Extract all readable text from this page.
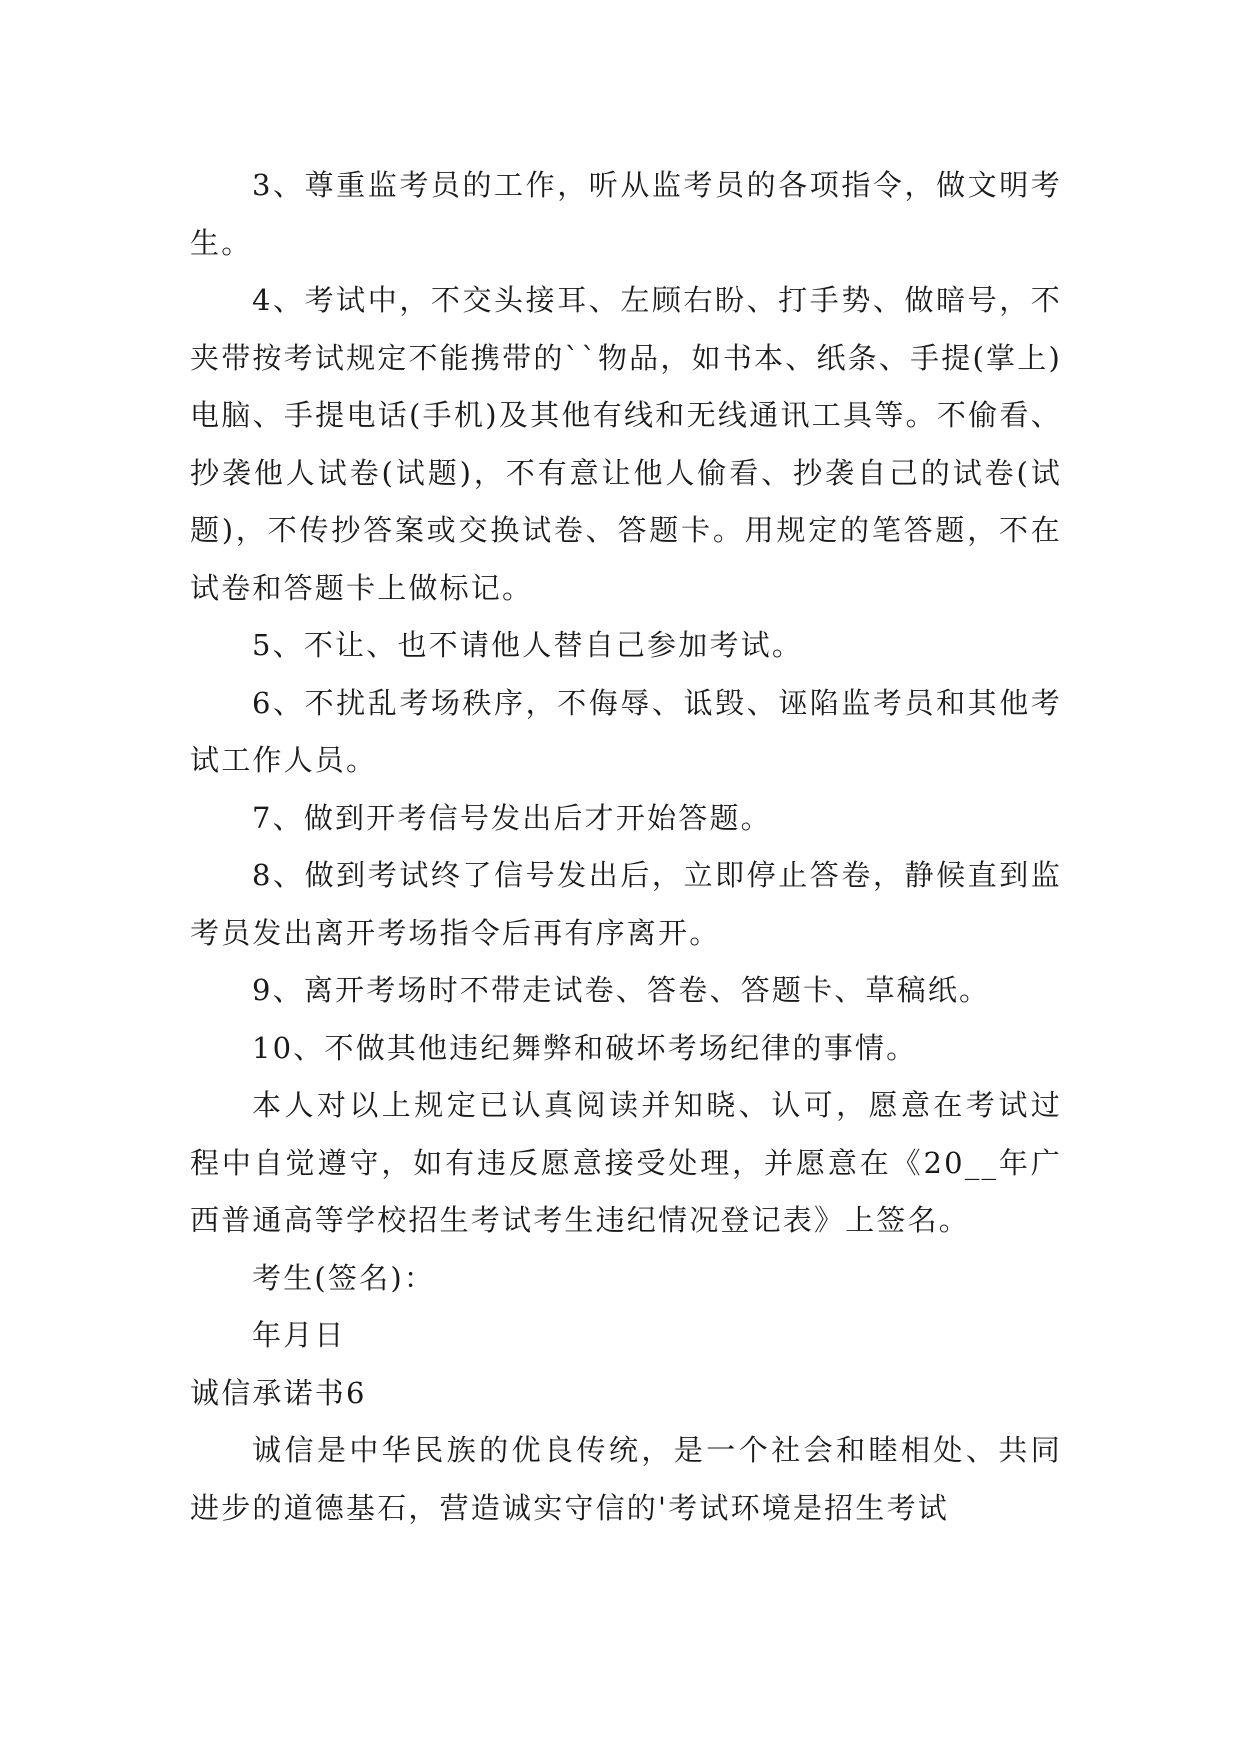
3、尊重监考员的工作，听从监考员的各项指令，做文明考生。

4、考试中，不交头接耳、左顾右盼、打手势、做暗号，不夹带按考试规定不能携带的``物品，如书本、纸条、手提(掌上)电脑、手提电话(手机)及其他有线和无线通讯工具等。不偷看、抄袭他人试卷(试题)，不有意让他人偷看、抄袭自己的试卷(试题)，不传抄答案或交换试卷、答题卡。用规定的笔答题，不在试卷和答题卡上做标记。

5、不让、也不请他人替自己参加考试。

6、不扰乱考场秩序，不侮辱、诋毁、诬陷监考员和其他考试工作人员。

7、做到开考信号发出后才开始答题。

8、做到考试终了信号发出后，立即停止答卷，静候直到监考员发出离开考场指令后再有序离开。

9、离开考场时不带走试卷、答卷、答题卡、草稿纸。

10、不做其他违纪舞弊和破坏考场纪律的事情。

本人对以上规定已认真阅读并知晓、认可，愿意在考试过程中自觉遵守，如有违反愿意接受处理，并愿意在《20__年广西普通高等学校招生考试考生违纪情况登记表》上签名。

考生(签名)：

年月日

诚信承诺书6

诚信是中华民族的优良传统，是一个社会和睦相处、共同进步的道德基石，营造诚实守信的'考试环境是招生考试
